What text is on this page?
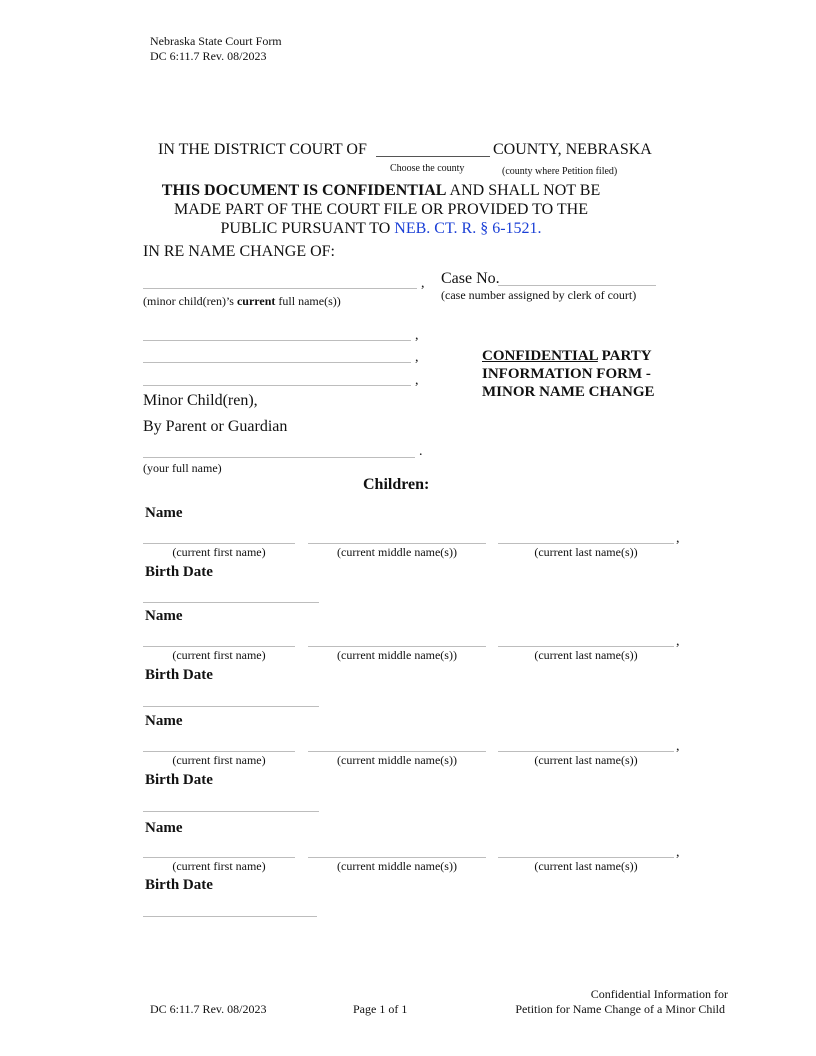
Nebraska State Court Form
DC 6:11.7 Rev. 08/2023
IN THE DISTRICT COURT OF	COUNTY, NEBRASKA
Choose the county	(county where Petition filed)
THIS DOCUMENT IS CONFIDENTIAL AND SHALL NOT BE
MADE PART OF THE COURT FILE OR PROVIDED TO THE
PUBLIC PURSUANT TO NEB. CT. R. § 6-1521.
IN RE NAME CHANGE OF:
,
(minor child(ren)’s current full name(s))
Case No.
(case number assigned by clerk of court)
,
,
,
CONFIDENTIAL PARTY
INFORMATION FORM -
MINOR NAME CHANGE
Minor Child(ren),
By Parent or Guardian
.
(your full name)
Children:
Name
,
(current first name)	(current middle name(s))	(current last name(s))
Birth Date
Name
,
(current first name)	(current middle name(s))	(current last name(s))
Birth Date
Name
,
(current first name)	(current middle name(s))	(current last name(s))
Birth Date
Name
,
(current first name)	(current middle name(s))	(current last name(s))
Birth Date
DC 6:11.7 Rev. 08/2023	Page 1 of 1
Confidential Information for
Petition for Name Change of a Minor Child
